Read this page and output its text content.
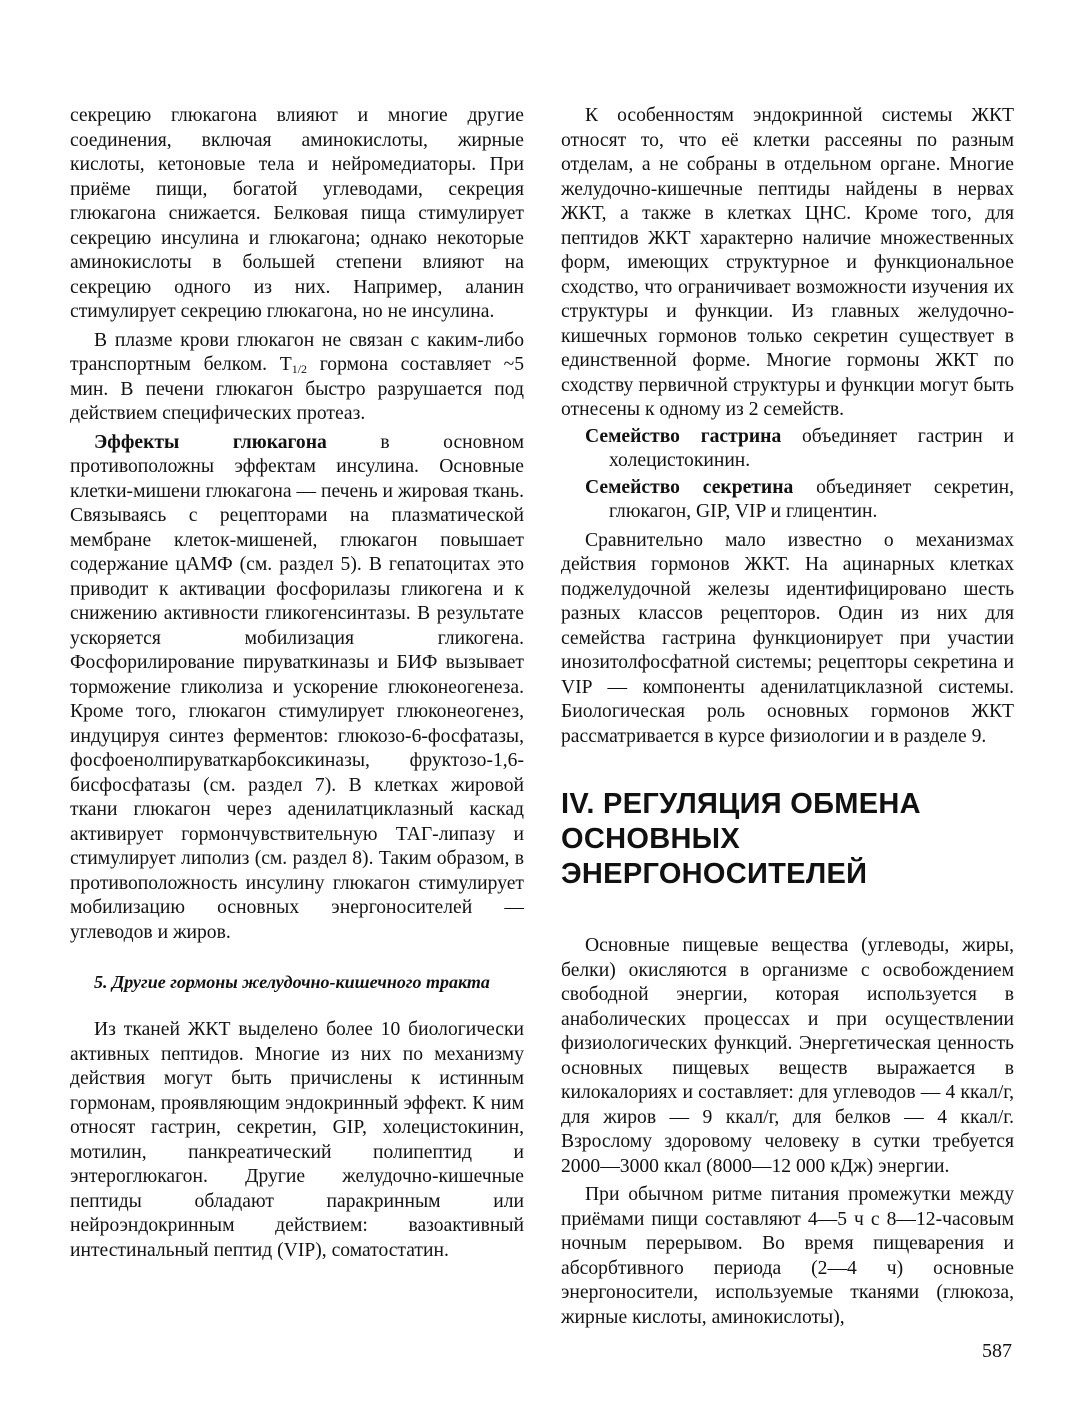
секрецию глюкагона влияют и многие другие соединения, включая аминокислоты, жирные кислоты, кетоновые тела и нейромедиаторы. При приёме пищи, богатой углеводами, секреция глюкагона снижается. Белковая пища стимулирует секрецию инсулина и глюкагона; однако некоторые аминокислоты в большей степени влияют на секрецию одного из них. Например, аланин стимулирует секрецию глюкагона, но не инсулина.

В плазме крови глюкагон не связан с каким-либо транспортным белком. $T_{1/2}$ гормона составляет ~5 мин. В печени глюкагон быстро разрушается под действием специфических протеаз.

Эффекты глюкагона в основном противоположны эффектам инсулина. Основные клетки-мишени глюкагона — печень и жировая ткань. Связываясь с рецепторами на плазматической мембране клеток-мишеней, глюкагон повышает содержание цАМФ (см. раздел 5). В гепатоцитах это приводит к активации фосфорилазы гликогена и к снижению активности гликогенсинтазы. В результате ускоряется мобилизация гликогена. Фосфорилирование пируваткиназы и БИФ вызывает торможение гликолиза и ускорение глюконеогенеза. Кроме того, глюкагон стимулирует глюконеогенез, индуцируя синтез ферментов: глюкозо-6-фосфатазы, фосфоенолпируваткарбоксикиназы, фруктозо-1,6-бисфосфатазы (см. раздел 7). В клетках жировой ткани глюкагон через аденилатциклазный каскад активирует гормончувствительную ТАГ-липазу и стимулирует липолиз (см. раздел 8). Таким образом, в противоположность инсулину глюкагон стимулирует мобилизацию основных энергоносителей — углеводов и жиров.

5. Другие гормоны желудочно-кишечного тракта

Из тканей ЖКТ выделено более 10 биологически активных пептидов. Многие из них по механизму действия могут быть причислены к истинным гормонам, проявляющим эндокринный эффект. К ним относят гастрин, секретин, GIP, холецистокинин, мотилин, панкреатический полипептид и энтероглюкагон. Другие желудочно-кишечные пептиды обладают паракринным или нейроэндокринным действием: вазоактивный интестинальный пептид (VIP), соматостатин.

К особенностям эндокринной системы ЖКТ относят то, что её клетки рассеяны по разным отделам, а не собраны в отдельном органе. Многие желудочно-кишечные пептиды найдены в нервах ЖКТ, а также в клетках ЦНС. Кроме того, для пептидов ЖКТ характерно наличие множественных форм, имеющих структурное и функциональное сходство, что ограничивает возможности изучения их структуры и функции. Из главных желудочно-кишечных гормонов только секретин существует в единственной форме. Многие гормоны ЖКТ по сходству первичной структуры и функции могут быть отнесены к одному из 2 семейств.

Семейство гастрина объединяет гастрин и холецистокинин.

Семейство секретина объединяет секретин, глюкагон, GIP, VIP и глицентин.

Сравнительно мало известно о механизмах действия гормонов ЖКТ. На ацинарных клетках поджелудочной железы идентифицировано шесть разных классов рецепторов. Один из них для семейства гастрина функционирует при участии инозитолфосфатной системы; рецепторы секретина и VIP — компоненты аденилатциклазной системы. Биологическая роль основных гормонов ЖКТ рассматривается в курсе физиологии и в разделе 9.

IV. РЕГУЛЯЦИЯ ОБМЕНА
ОСНОВНЫХ
ЭНЕРГОНОСИТЕЛЕЙ

Основные пищевые вещества (углеводы, жиры, белки) окисляются в организме с освобождением свободной энергии, которая используется в анаболических процессах и при осуществлении физиологических функций. Энергетическая ценность основных пищевых веществ выражается в килокалориях и составляет: для углеводов — 4 ккал/г, для жиров — 9 ккал/г, для белков — 4 ккал/г. Взрослому здоровому человеку в сутки требуется 2000—3000 ккал (8000—12 000 кДж) энергии.

При обычном ритме питания промежутки между приёмами пищи составляют 4—5 ч с 8—12-часовым ночным перерывом. Во время пищеварения и абсорбтивного периода (2—4 ч) основные энергоносители, используемые тканями (глюкоза, жирные кислоты, аминокислоты),

587
